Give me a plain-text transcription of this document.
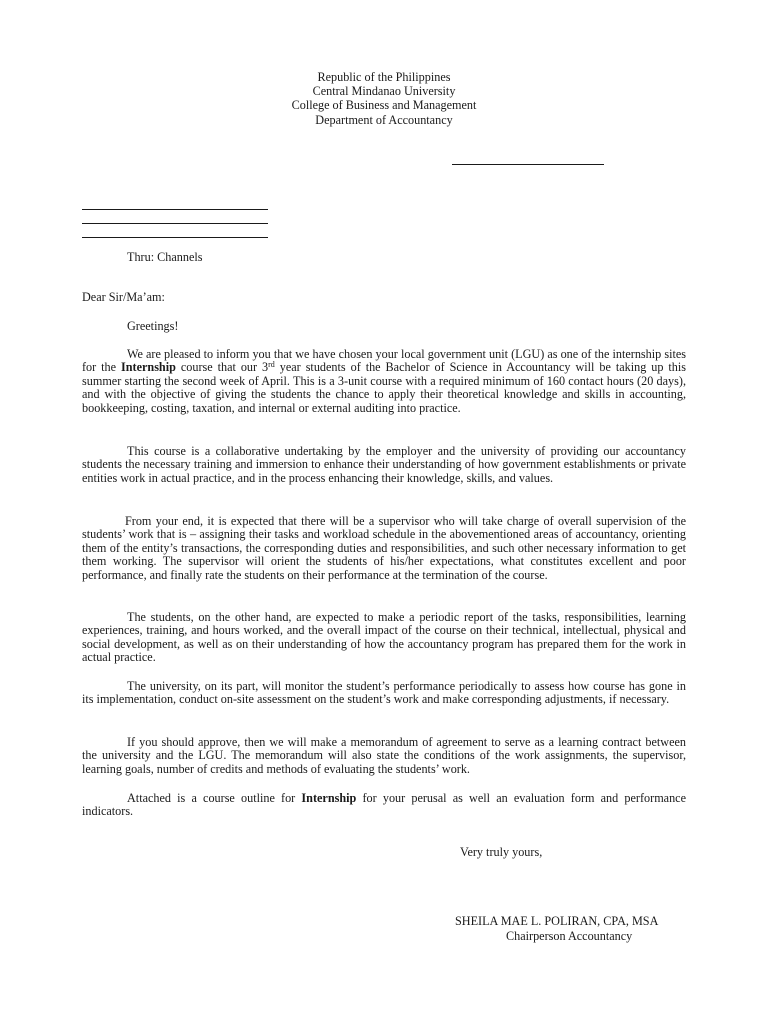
Republic of the Philippines
Central Mindanao University
College of Business and Management
Department of Accountancy
Thru: Channels
Dear Sir/Ma’am:
Greetings!
We are pleased to inform you that we have chosen your local government unit (LGU) as one of the internship sites for the Internship course that our 3rd year students of the Bachelor of Science in Accountancy will be taking up this summer starting the second week of April. This is a 3-unit course with a required minimum of 160 contact hours (20 days), and with the objective of giving the students the chance to apply their theoretical knowledge and skills in accounting, bookkeeping, costing, taxation, and internal or external auditing into practice.
This course is a collaborative undertaking by the employer and the university of providing our accountancy students the necessary training and immersion to enhance their understanding of how government establishments or private entities work in actual practice, and in the process enhancing their knowledge, skills, and values.
From your end, it is expected that there will be a supervisor who will take charge of overall supervision of the students’ work that is – assigning their tasks and workload schedule in the abovementioned areas of accountancy, orienting them of the entity’s transactions, the corresponding duties and responsibilities, and such other necessary information to get them working. The supervisor will orient the students of his/her expectations, what constitutes excellent and poor performance, and finally rate the students on their performance at the termination of the course.
The students, on the other hand, are expected to make a periodic report of the tasks, responsibilities, learning experiences, training, and hours worked, and the overall impact of the course on their technical, intellectual, physical and social development, as well as on their understanding of how the accountancy program has prepared them for the work in actual practice.
The university, on its part, will monitor the student’s performance periodically to assess how course has gone in its implementation, conduct on-site assessment on the student’s work and make corresponding adjustments, if necessary.
If you should approve, then we will make a memorandum of agreement to serve as a learning contract between the university and the LGU. The memorandum will also state the conditions of the work assignments, the supervisor, learning goals, number of credits and methods of evaluating the students’ work.
Attached is a course outline for Internship for your perusal as well an evaluation form and performance indicators.
Very truly yours,
SHEILA MAE L. POLIRAN, CPA, MSA
Chairperson Accountancy
